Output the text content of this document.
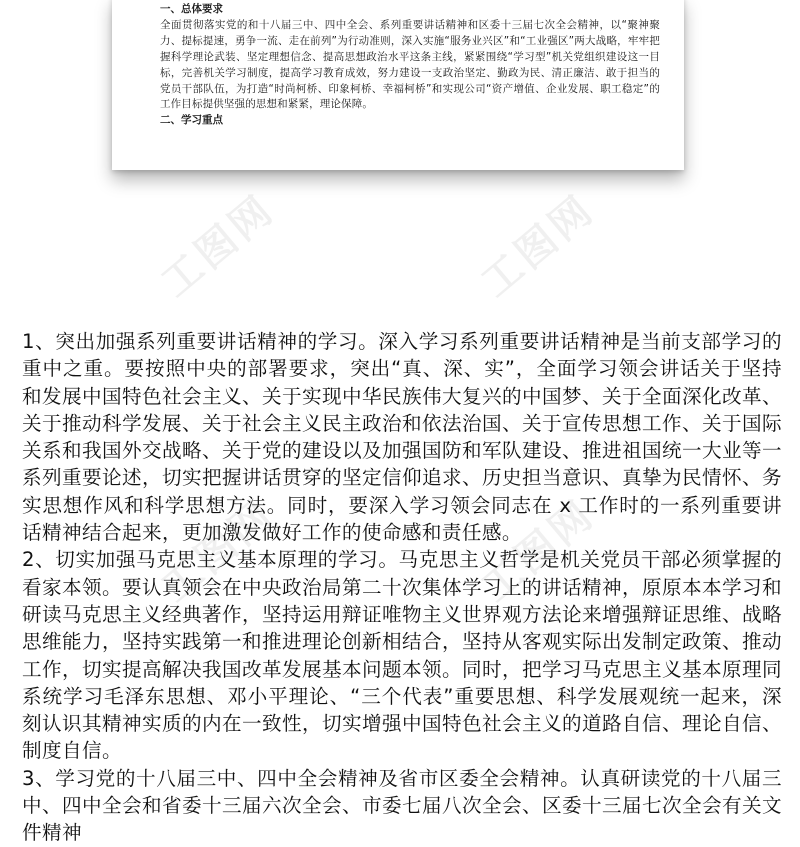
一、总体要求
全面贯彻落实党的和十八届三中、四中全会、系列重要讲话精神和区委十三届七次全会精神，以“聚神聚力、提标提速，勇争一流、走在前列”为行动准则，深入实施“服务业兴区”和“工业强区”两大战略，牢牢把握科学理论武装、坚定理想信念、提高思想政治水平这条主线，紧紧围绕“学习型”机关党组织建设这一目标，完善机关学习制度，提高学习教育成效，努力建设一支政治坚定、勤政为民、清正廉洁、敢于担当的党员干部队伍，为打造“时尚柯桥、印象柯桥、幸福柯桥”和实现公司“资产增值、企业发展、职工稳定”的工作目标提供坚强的思想和紧紧，理论保障。
二、学习重点
工图网	工图网
工图网	工图网

1、突出加强系列重要讲话精神的学习。深入学习系列重要讲话精神是当前支部学习的重中之重。要按照中央的部署要求，突出“真、深、实”，全面学习领会讲话关于坚持和发展中国特色社会主义、关于实现中华民族伟大复兴的中国梦、关于全面深化改革、关于推动科学发展、关于社会主义民主政治和依法治国、关于宣传思想工作、关于国际关系和我国外交战略、关于党的建设以及加强国防和军队建设、推进祖国统一大业等一系列重要论述，切实把握讲话贯穿的坚定信仰追求、历史担当意识、真挚为民情怀、务实思想作风和科学思想方法。同时，要深入学习领会同志在 x 工作时的一系列重要讲话精神结合起来，更加激发做好工作的使命感和责任感。

2、切实加强马克思主义基本原理的学习。马克思主义哲学是机关党员干部必须掌握的看家本领。要认真领会在中央政治局第二十次集体学习上的讲话精神，原原本本学习和研读马克思主义经典著作，坚持运用辩证唯物主义世界观方法论来增强辩证思维、战略思维能力，坚持实践第一和推进理论创新相结合，坚持从客观实际出发制定政策、推动工作，切实提高解决我国改革发展基本问题本领。同时，把学习马克思主义基本原理同系统学习毛泽东思想、邓小平理论、“三个代表”重要思想、科学发展观统一起来，深刻认识其精神实质的内在一致性，切实增强中国特色社会主义的道路自信、理论自信、制度自信。

3、学习党的十八届三中、四中全会精神及省市区委全会精神。认真研读党的十八届三中、四中全会和省委十三届六次全会、市委七届八次全会、区委十三届七次全会有关文件精神
